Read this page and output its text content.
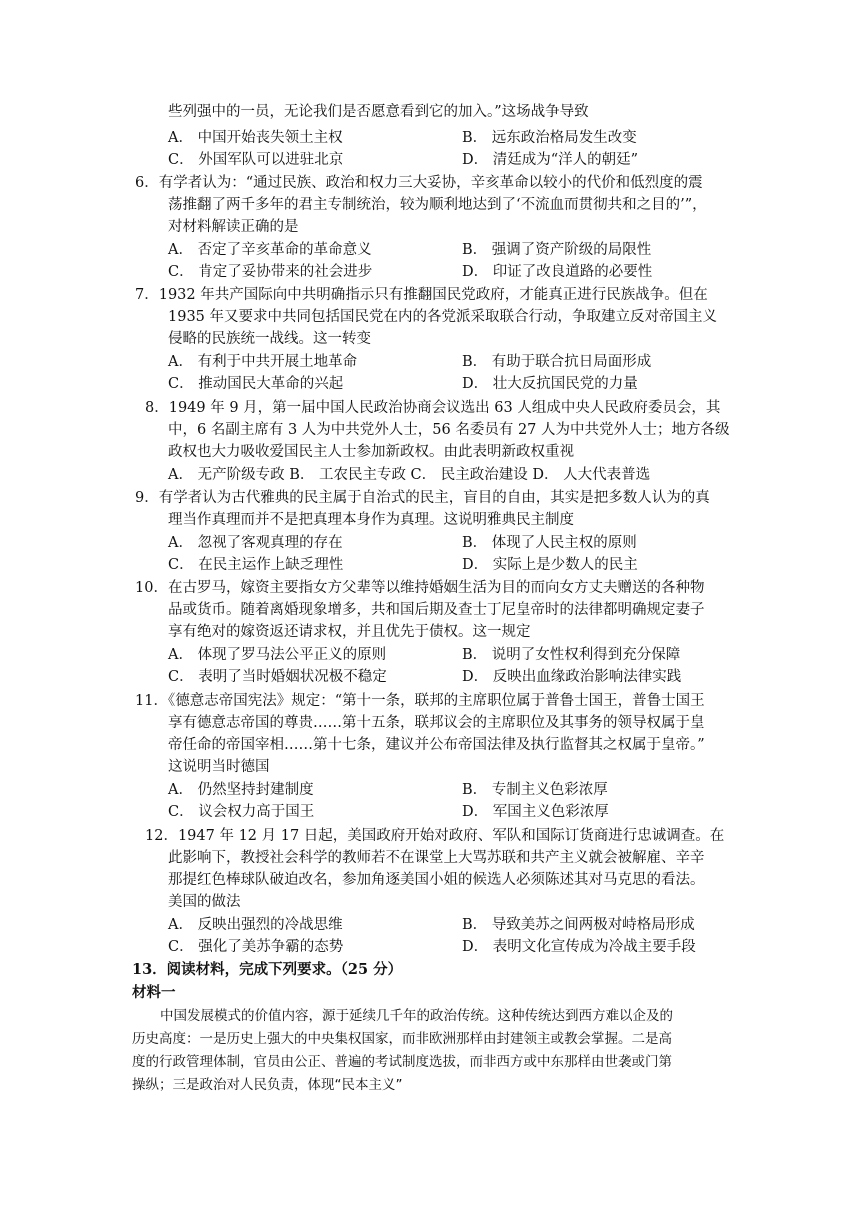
些列强中的一员，无论我们是否愿意看到它的加入。”这场战争导致
A． 中国开始丧失领土主权	B． 远东政治格局发生改变
C． 外国军队可以进驻北京	D． 清廷成为“洋人的朝廷”
6．有学者认为：“通过民族、政治和权力三大妥协，辛亥革命以较小的代价和低烈度的震
荡推翻了两千多年的君主专制统治，较为顺利地达到了‘不流血而贯彻共和之目的’”，
对材料解读正确的是
A． 否定了辛亥革命的革命意义	B． 强调了资产阶级的局限性
C． 肯定了妥协带来的社会进步	D． 印证了改良道路的必要性
7．1932 年共产国际向中共明确指示只有推翻国民党政府，才能真正进行民族战争。但在
1935 年又要求中共同包括国民党在内的各党派采取联合行动，争取建立反对帝国主义
侵略的民族统一战线。这一转变
A． 有利于中共开展土地革命	B． 有助于联合抗日局面形成
C． 推动国民大革命的兴起	D． 壮大反抗国民党的力量
8．1949 年 9 月，第一届中国人民政治协商会议选出 63 人组成中央人民政府委员会，其
中，6 名副主席有 3 人为中共党外人士，56 名委员有 27 人为中共党外人士；地方各级
政权也大力吸收爱国民主人士参加新政权。由此表明新政权重视
A． 无产阶级专政 B． 工农民主专政 C． 民主政治建设 D． 人大代表普选
9．有学者认为古代雅典的民主属于自治式的民主，盲目的自由，其实是把多数人认为的真
理当作真理而并不是把真理本身作为真理。这说明雅典民主制度
A． 忽视了客观真理的存在	B． 体现了人民主权的原则
C． 在民主运作上缺乏理性	D． 实际上是少数人的民主
10．在古罗马，嫁资主要指女方父辈等以维持婚姻生活为目的而向女方丈夫赠送的各种物
品或货币。随着离婚现象增多，共和国后期及查士丁尼皇帝时的法律都明确规定妻子
享有绝对的嫁资返还请求权，并且优先于债权。这一规定
A． 体现了罗马法公平正义的原则	B． 说明了女性权利得到充分保障
C． 表明了当时婚姻状况极不稳定	D． 反映出血缘政治影响法律实践
11．《德意志帝国宪法》规定：“第十一条，联邦的主席职位属于普鲁士国王，普鲁士国王
享有德意志帝国的尊贵……第十五条，联邦议会的主席职位及其事务的领导权属于皇
帝任命的帝国宰相……第十七条，建议并公布帝国法律及执行监督其之权属于皇帝。”
这说明当时德国
A． 仍然坚持封建制度	B． 专制主义色彩浓厚
C． 议会权力高于国王	D． 军国主义色彩浓厚
12．1947 年 12 月 17 日起，美国政府开始对政府、军队和国际订货商进行忠诚调查。在
此影响下，教授社会科学的教师若不在课堂上大骂苏联和共产主义就会被解雇、辛辛
那提红色棒球队破迫改名，参加角逐美国小姐的候选人必须陈述其对马克思的看法。
美国的做法
A． 反映出强烈的冷战思维	B． 导致美苏之间两极对峙格局形成
C． 强化了美苏争霸的态势	D． 表明文化宣传成为冷战主要手段
13．阅读材料，完成下列要求。（25 分）
材料一
中国发展模式的价值内容，源于延续几千年的政治传统。这种传统达到西方难以企及的
历史高度：一是历史上强大的中央集权国家，而非欧洲那样由封建领主或教会掌握。二是高
度的行政管理体制，官员由公正、普遍的考试制度选拔，而非西方或中东那样由世袭或门第
操纵；三是政治对人民负责，体现“民本主义”
